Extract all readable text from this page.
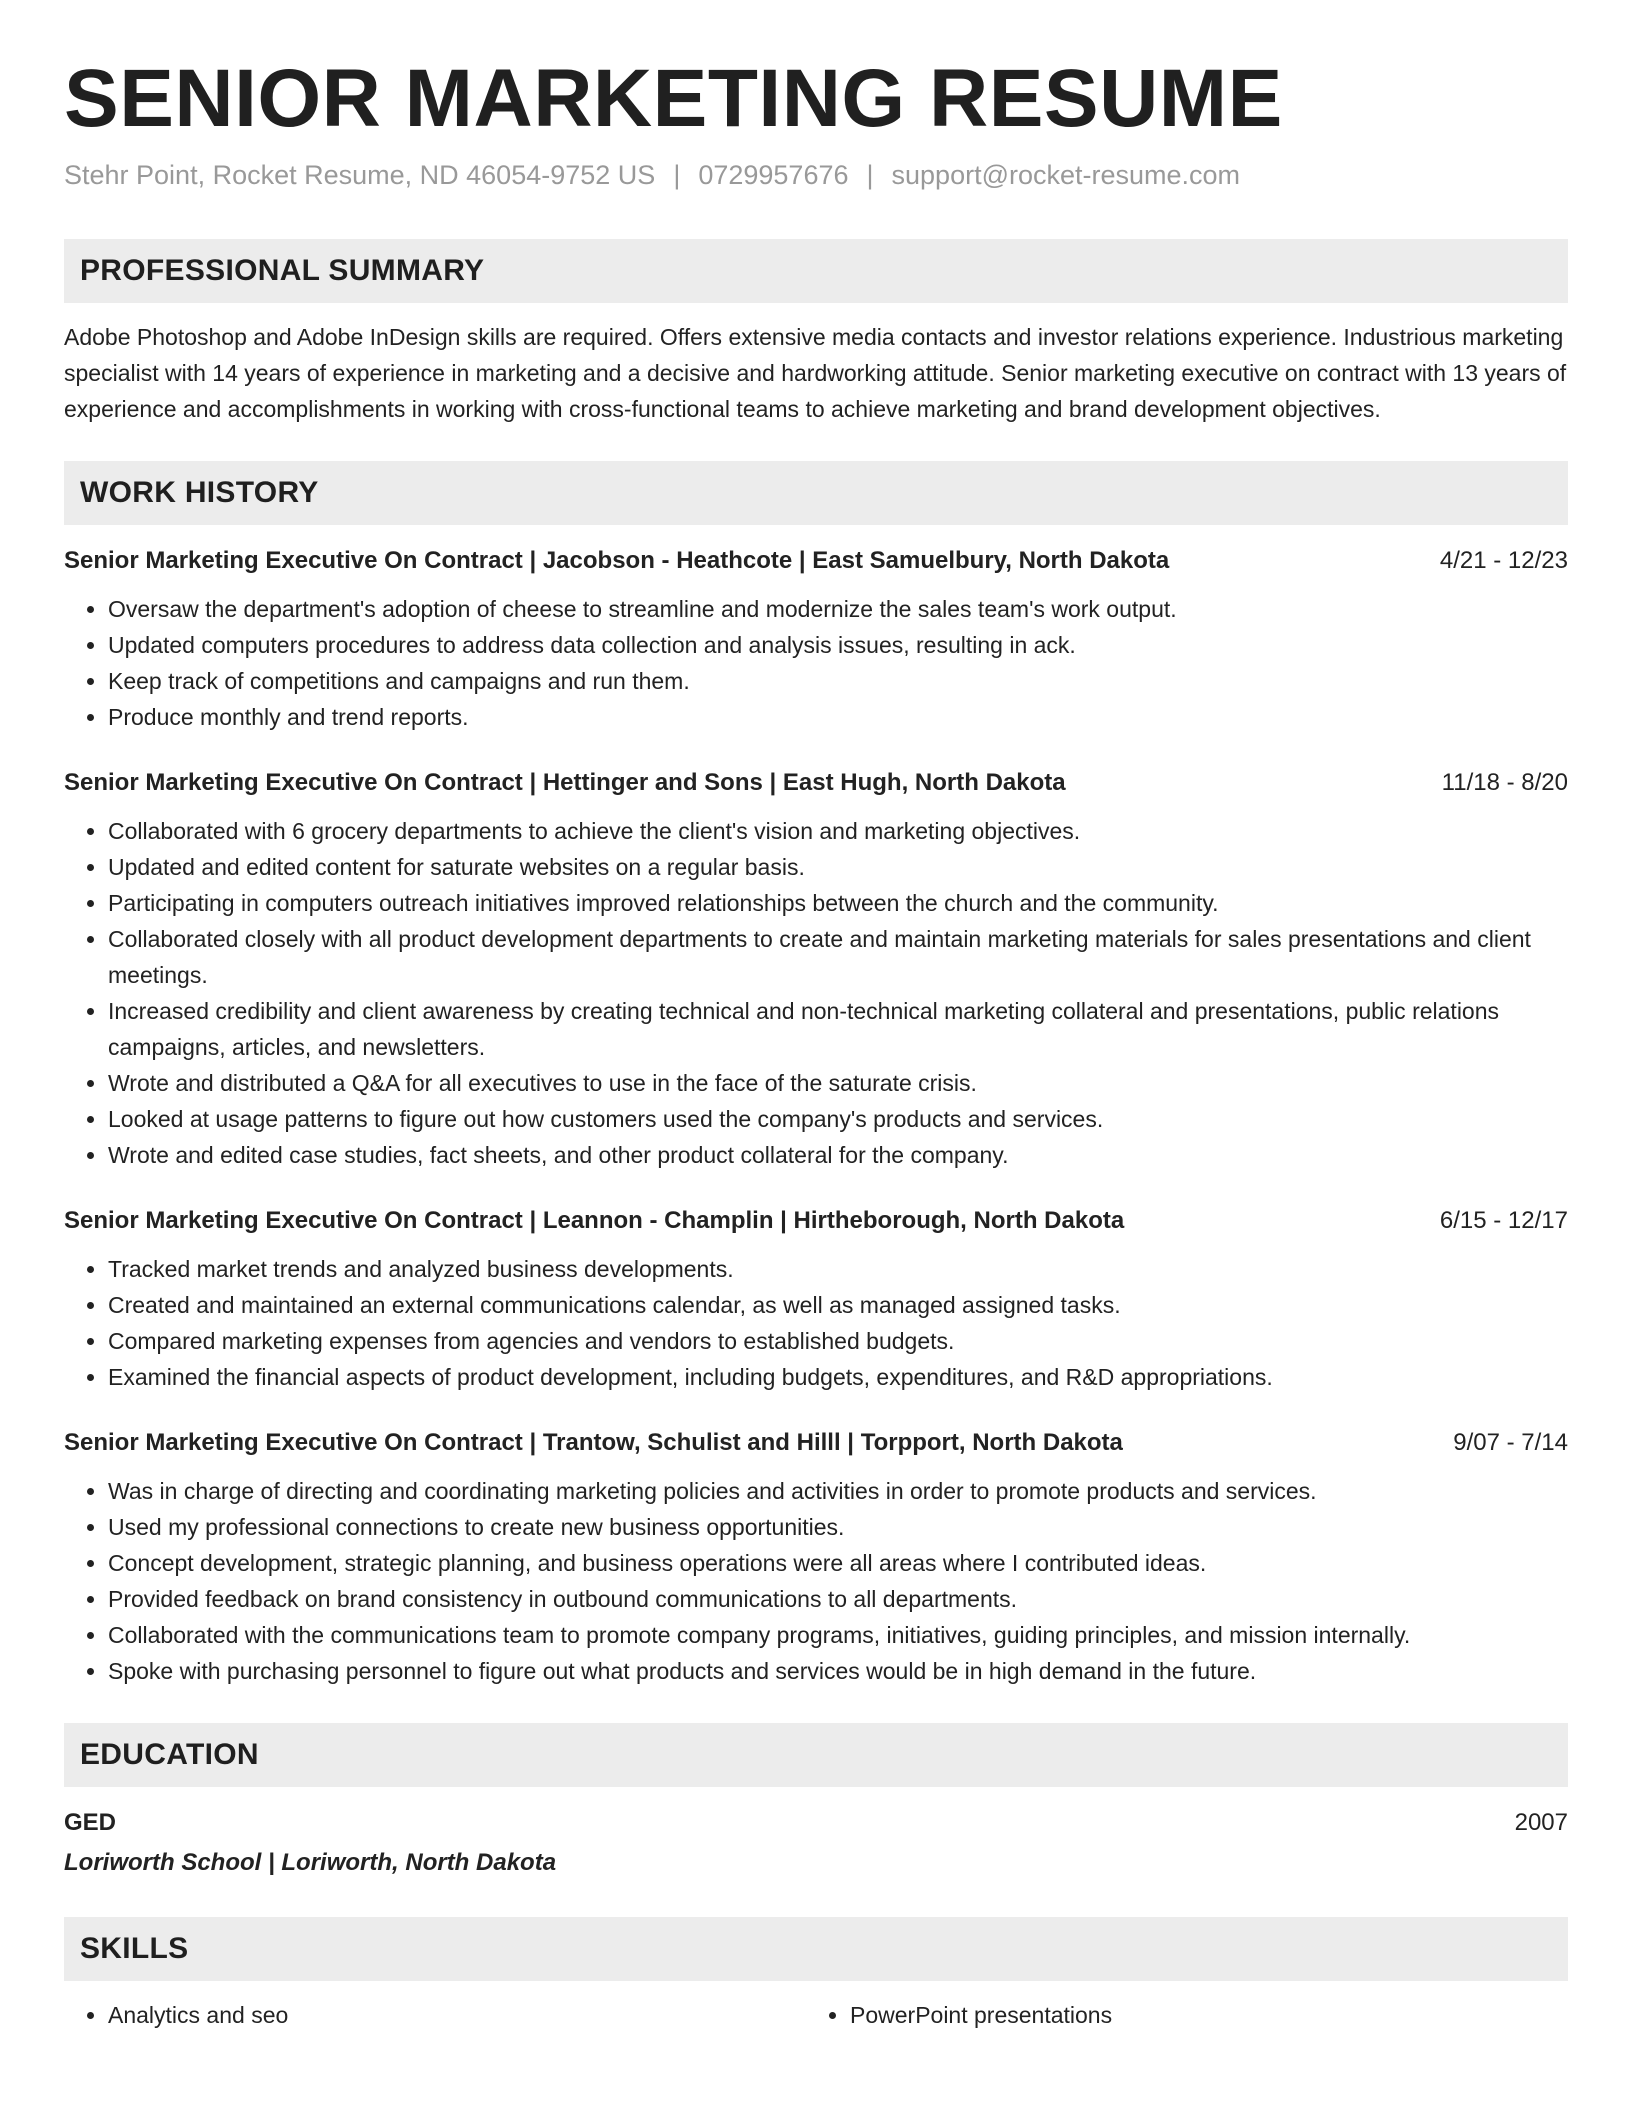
SENIOR MARKETING RESUME
Stehr Point, Rocket Resume, ND 46054-9752 US | 0729957676 | support@rocket-resume.com
PROFESSIONAL SUMMARY

Adobe Photoshop and Adobe InDesign skills are required. Offers extensive media contacts and investor relations experience. Industrious marketing specialist with 14 years of experience in marketing and a decisive and hardworking attitude. Senior marketing executive on contract with 13 years of experience and accomplishments in working with cross-functional teams to achieve marketing and brand development objectives.

WORK HISTORY
Senior Marketing Executive On Contract | Jacobson - Heathcote | East Samuelbury, North Dakota	4/21 - 12/23
• Oversaw the department's adoption of cheese to streamline and modernize the sales team's work output.
• Updated computers procedures to address data collection and analysis issues, resulting in ack.
• Keep track of competitions and campaigns and run them.
• Produce monthly and trend reports.
Senior Marketing Executive On Contract | Hettinger and Sons | East Hugh, North Dakota	11/18 - 8/20
• Collaborated with 6 grocery departments to achieve the client's vision and marketing objectives.
• Updated and edited content for saturate websites on a regular basis.
• Participating in computers outreach initiatives improved relationships between the church and the community.
• Collaborated closely with all product development departments to create and maintain marketing materials for sales presentations and client meetings.
• Increased credibility and client awareness by creating technical and non-technical marketing collateral and presentations, public relations campaigns, articles, and newsletters.
• Wrote and distributed a Q&A for all executives to use in the face of the saturate crisis.
• Looked at usage patterns to figure out how customers used the company's products and services.
• Wrote and edited case studies, fact sheets, and other product collateral for the company.
Senior Marketing Executive On Contract | Leannon - Champlin | Hirtheborough, North Dakota	6/15 - 12/17
• Tracked market trends and analyzed business developments.
• Created and maintained an external communications calendar, as well as managed assigned tasks.
• Compared marketing expenses from agencies and vendors to established budgets.
• Examined the financial aspects of product development, including budgets, expenditures, and R&D appropriations.
Senior Marketing Executive On Contract | Trantow, Schulist and Hilll | Torpport, North Dakota	9/07 - 7/14
• Was in charge of directing and coordinating marketing policies and activities in order to promote products and services.
• Used my professional connections to create new business opportunities.
• Concept development, strategic planning, and business operations were all areas where I contributed ideas.
• Provided feedback on brand consistency in outbound communications to all departments.
• Collaborated with the communications team to promote company programs, initiatives, guiding principles, and mission internally.
• Spoke with purchasing personnel to figure out what products and services would be in high demand in the future.
EDUCATION
GED	2007
Loriworth School | Loriworth, North Dakota
SKILLS
• Analytics and seo
•	PowerPoint presentations
